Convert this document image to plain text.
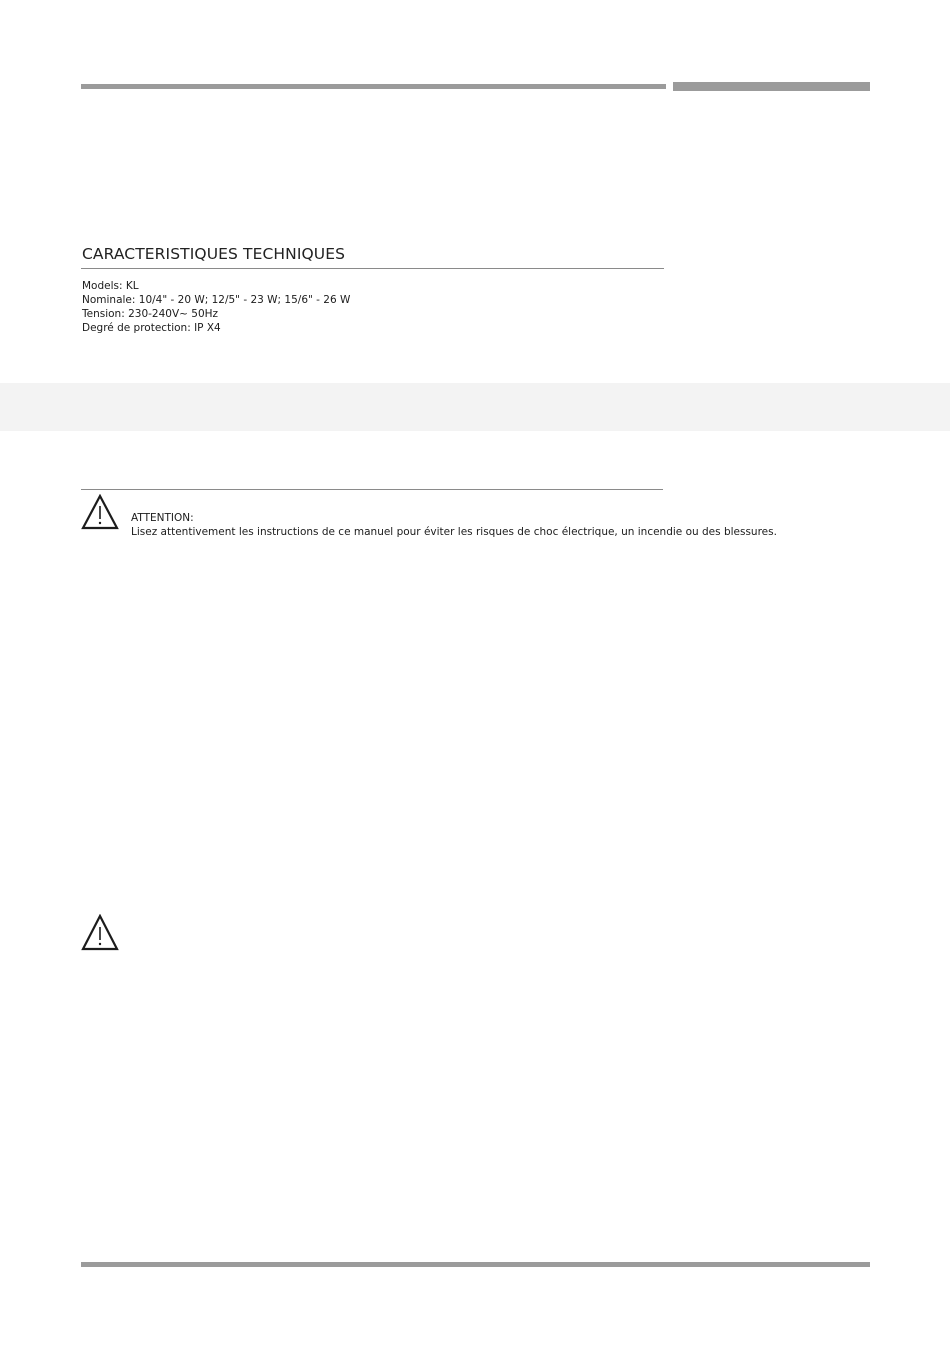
CARACTERISTIQUES TECHNIQUES
Models: KL
Nominale: 10/4" - 20 W; 12/5" - 23 W; 15/6" - 26 W
Tension: 230-240V~ 50Hz
Degré de protection: IP X4
ATTENTION:
Lisez attentivement les instructions de ce manuel pour éviter les risques de choc électrique, un incendie ou des blessures.
